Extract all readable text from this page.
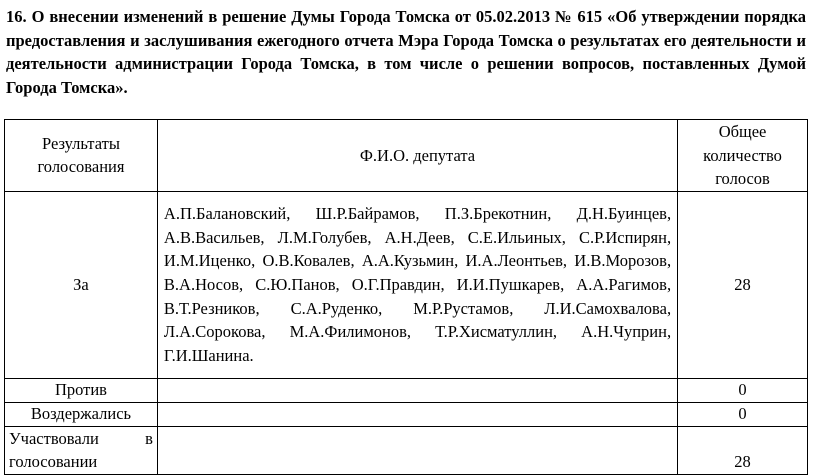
16. О внесении изменений в решение Думы Города Томска от 05.02.2013 № 615 «Об утверждении порядка предоставления и заслушивания ежегодного отчета Мэра Города Томска о результатах его деятельности и деятельности администрации Города Томска, в том числе о решении вопросов, поставленных Думой Города Томска».
Результаты голосования	Ф.И.О. депутата	Общее количество голосов
За	А.П.Балановский, Ш.Р.Байрамов, П.З.Брекотнин, Д.Н.Буинцев, А.В.Васильев, Л.М.Голубев, А.Н.Деев, С.Е.Ильиных, С.Р.Испирян, И.М.Иценко, О.В.Ковалев, А.А.Кузьмин, И.А.Леонтьев, И.В.Морозов, В.А.Носов, С.Ю.Панов, О.Г.Правдин, И.И.Пушкарев, А.А.Рагимов, В.Т.Резников, С.А.Руденко, М.Р.Рустамов, Л.И.Самохвалова, Л.А.Сорокова, М.А.Филимонов, Т.Р.Хисматуллин, А.Н.Чуприн, Г.И.Шанина.	28
Против		0
Воздержались		0
Участвовали в голосовании		28
